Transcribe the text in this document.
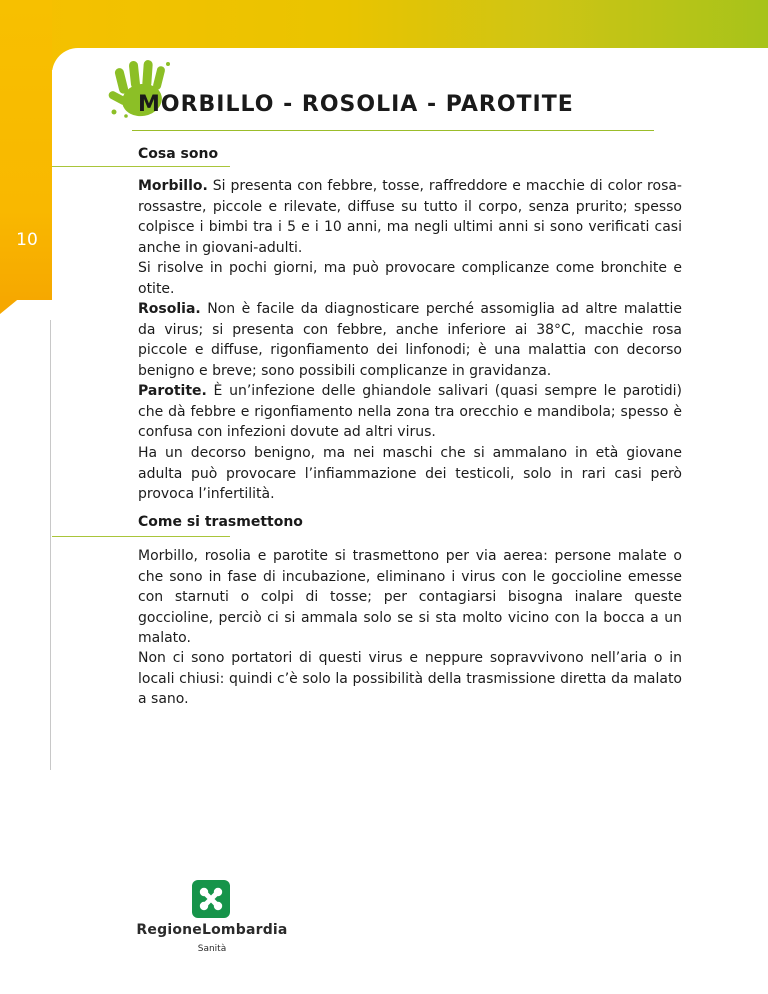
10
MORBILLO - ROSOLIA - PAROTITE
Cosa sono

Morbillo. Si presenta con febbre, tosse, raffreddore e macchie di color rosa-rossastre, piccole e rilevate, diffuse su tutto il corpo, senza prurito; spesso colpisce i bimbi tra i 5 e i 10 anni, ma negli ultimi anni si sono verificati casi anche in giovani-adulti.

Si risolve in pochi giorni, ma può provocare complicanze come bronchite e otite.

Rosolia. Non è facile da diagnosticare perché assomiglia ad altre malattie da virus; si presenta con febbre, anche inferiore ai 38°C, macchie rosa piccole e diffuse, rigonfiamento dei linfonodi; è una malattia con decorso benigno e breve; sono possibili complicanze in gravidanza.

Parotite. È un’infezione delle ghiandole salivari (quasi sempre le parotidi) che dà febbre e rigonfiamento nella zona tra orecchio e mandibola; spesso è confusa con infezioni dovute ad altri virus.

Ha un decorso benigno, ma nei maschi che si ammalano in età giovane adulta può provocare l’infiammazione dei testicoli, solo in rari casi però provoca l’infertilità.

Come si trasmettono

Morbillo, rosolia e parotite si trasmettono per via aerea: persone malate o che sono in fase di incubazione, eliminano i virus con le goccioline emesse con starnuti o colpi di tosse; per contagiarsi bisogna inalare queste goccioline, perciò ci si ammala solo se si sta molto vicino con la bocca a un malato.

Non ci sono portatori di questi virus e neppure sopravvivono nell’aria o in locali chiusi: quindi c’è solo la possibilità della trasmissione diretta da malato a sano.

RegioneLombardia
Sanità
